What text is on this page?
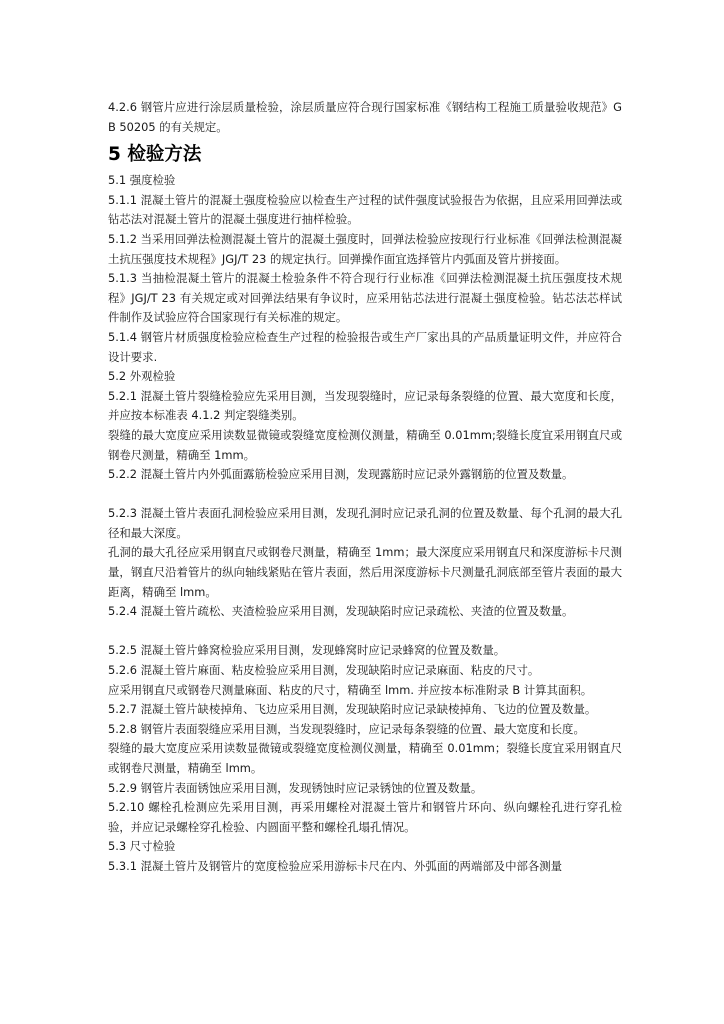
4.2.6 钢管片应进行涂层质量检验，涂层质量应符合现行国家标准《钢结构工程施工质量验收规范》GB 50205 的有关规定。

5 检验方法

5.1 强度检验

5.1.1 混凝土管片的混凝土强度检验应以检查生产过程的试件强度试验报告为依据，且应采用回弹法或钻芯法对混凝土管片的混凝土强度进行抽样检验。

5.1.2 当采用回弹法检测混凝土管片的混凝土强度时，回弹法检验应按现行行业标准《回弹法检测混凝土抗压强度技术规程》JGJ/T 23 的规定执行。回弹操作面宜选择管片内弧面及管片拼接面。

5.1.3 当抽检混凝土管片的混凝土检验条件不符合现行行业标准《回弹法检测混凝土抗压强度技术规程》JGJ/T 23 有关规定或对回弹法结果有争议时，应采用钻芯法进行混凝土强度检验。钻芯法芯样试件制作及试验应符合国家现行有关标准的规定。

5.1.4 钢管片材质强度检验应检查生产过程的检验报告或生产厂家出具的产品质量证明文件，并应符合设计要求.

5.2 外观检验

5.2.1 混凝土管片裂缝检验应先采用目测，当发现裂缝时，应记录每条裂缝的位置、最大宽度和长度，并应按本标准表 4.1.2 判定裂缝类别。

裂缝的最大宽度应采用读数显微镜或裂缝宽度检测仪测量，精确至 0.01mm;裂缝长度宜采用钢直尺或钢卷尺测量，精确至 1mm。

5.2.2 混凝土管片内外弧面露筋检验应采用目测，发现露筋时应记录外露钢筋的位置及数量。

5.2.3 混凝土管片表面孔洞检验应采用目测，发现孔洞时应记录孔洞的位置及数量、每个孔洞的最大孔径和最大深度。

孔洞的最大孔径应采用钢直尺或钢卷尺测量，精确至 1mm；最大深度应采用钢直尺和深度游标卡尺测量，钢直尺沿着管片的纵向轴线紧贴在管片表面，然后用深度游标卡尺测量孔洞底部至管片表面的最大距离，精确至 lmm。

5.2.4 混凝土管片疏松、夹渣检验应采用目测，发现缺陷时应记录疏松、夹渣的位置及数量。

5.2.5 混凝土管片蜂窝检验应采用目测，发现蜂窝时应记录蜂窝的位置及数量。

5.2.6 混凝土管片麻面、粘皮检验应采用目测，发现缺陷时应记录麻面、粘皮的尺寸。

应采用钢直尺或钢卷尺测量麻面、粘皮的尺寸，精确至 lmm. 并应按本标准附录 B 计算其面积。

5.2.7 混凝土管片缺棱掉角、飞边应采用目测，发现缺陷时应记录缺棱掉角、飞边的位置及数量。

5.2.8 钢管片表面裂缝应采用目测，当发现裂缝时，应记录每条裂缝的位置、最大宽度和长度。

裂缝的最大宽度应采用读数显微镜或裂缝宽度检测仪测量，精确至 0.01mm；裂缝长度宜采用钢直尺或钢卷尺测量，精确至 lmm。

5.2.9 钢管片表面锈蚀应采用目测，发现锈蚀时应记录锈蚀的位置及数量。

5.2.10 螺栓孔检测应先采用目测，再采用螺栓对混凝土管片和钢管片环向、纵向螺栓孔进行穿孔检验，并应记录螺栓穿孔检验、内圆面平整和螺栓孔塌孔情况。

5.3 尺寸检验

5.3.1 混凝土管片及钢管片的宽度检验应采用游标卡尺在内、外弧面的两端部及中部各测量
